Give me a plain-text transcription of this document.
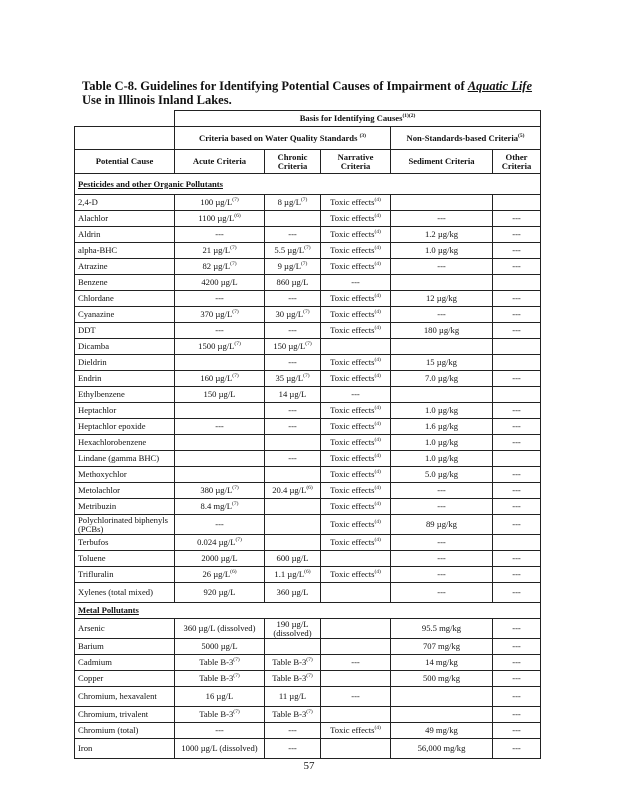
Table C-8. Guidelines for Identifying Potential Causes of Impairment of Aquatic Life Use in Illinois Inland Lakes.
	Basis for Identifying Causes$^{(1)(2)}$
	Criteria based on Water Quality Standards $^{(3)}$			Non-Standards-based Criteria$^{(5)}$
Potential Cause	Acute Criteria	Chronic Criteria	Narrative Criteria	Sediment Criteria	Other Criteria
Pesticides and other Organic Pollutants					
2,4-D	100 $\mu g/L^{(7)}$	8 $\mu g/L^{(7)}$	Toxic effects$^{(4)}$		
Alachlor	1100 $\mu g/L^{(6)}$		Toxic effects$^{(4)}$	---	---
Aldrin	---	---	Toxic effects$^{(4)}$	1.2 µg/kg	---
alpha-BHC	21 $\mu g/L^{(7)}$	5.5 $\mu g/L^{(7)}$	Toxic effects$^{(4)}$	1.0 µg/kg	---
Atrazine	82 $\mu g/L^{(7)}$	9 $\mu g/L^{(7)}$	Toxic effects$^{(4)}$	---	---
Benzene	4200 µg/L	860 µg/L	---		
Chlordane	---	---	Toxic effects$^{(4)}$	12 µg/kg	---
Cyanazine	370 $\mu g/L^{(7)}$	30 $\mu g/L^{(7)}$	Toxic effects$^{(4)}$	---	---
DDT	---	---	Toxic effects$^{(4)}$	180 µg/kg	---
Dicamba	1500 $\mu g/L^{(7)}$	150 $\mu g/L^{(7)}$			
Dieldrin		---	Toxic effects$^{(4)}$	15 µg/kg	
Endrin	160 $\mu g/L^{(7)}$	35 $\mu g/L^{(7)}$	Toxic effects$^{(4)}$	7.0 µg/kg	---
Ethylbenzene	150 µg/L	14 µg/L	---		
Heptachlor		---	Toxic effects$^{(4)}$	1.0 µg/kg	---
Heptachlor epoxide	---	---	Toxic effects$^{(4)}$	1.6 µg/kg	---
Hexachlorobenzene			Toxic effects$^{(4)}$	1.0 µg/kg	---
Lindane (gamma BHC)		---	Toxic effects$^{(4)}$	1.0 µg/kg	
Methoxychlor			Toxic effects$^{(4)}$	5.0 µg/kg	---
Metolachlor	380 $\mu g/L^{(7)}$	20.4 $\mu g/L^{(6)}$	Toxic effects$^{(4)}$	---	---
Metribuzin	8.4 $mg/L^{(7)}$		Toxic effects$^{(4)}$	---	---
Polychlorinated biphenyls (PCBs)	---		Toxic effects$^{(4)}$	89 µg/kg	---
Terbufos	0.024 $\mu g/L^{(7)}$		Toxic effects$^{(4)}$	---	
Toluene	2000 µg/L	600 µg/L		---	---
Trifluralin	26 $\mu g/L^{(6)}$	1.1 $\mu g/L^{(6)}$	Toxic effects$^{(4)}$	---	---
Xylenes (total mixed)	920 µg/L	360 µg/L		---	---
Metal Pollutants					
Arsenic	360 µg/L (dissolved)	190 µg/L (dissolved)		95.5 mg/kg	---
Barium	5000 µg/L			707 mg/kg	---
Cadmium	Table B-3$^{(7)}$	Table B-3$^{(7)}$	---	14 mg/kg	---
Copper	Table B-3$^{(7)}$	Table B-3$^{(7)}$		500 mg/kg	---
Chromium, hexavalent	16 µg/L	11 µg/L	---		---
Chromium, trivalent	Table B-3$^{(7)}$	Table B-3$^{(7)}$			---
Chromium (total)	---	---	Toxic effects$^{(4)}$	49 mg/kg	---
Iron	1000 µg/L (dissolved)	---		56,000 mg/kg	---
57
